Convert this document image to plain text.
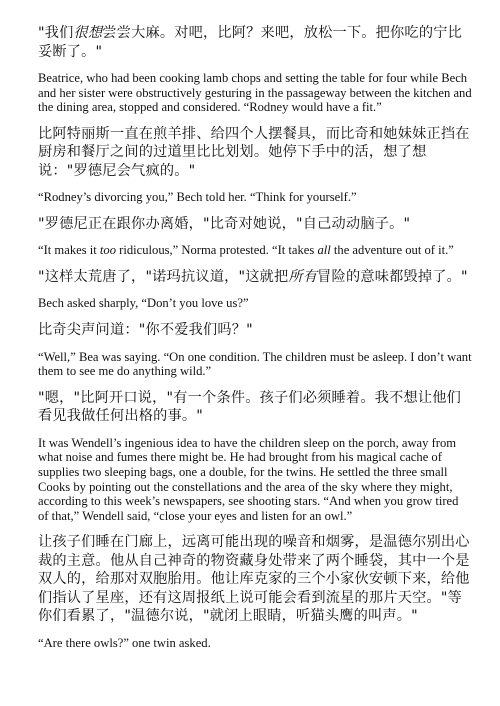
"我们很想尝尝大麻。对吧，比阿？来吧，放松一下。把你吃的宁比妥断了。"

Beatrice, who had been cooking lamb chops and setting the table for four while Bech and her sister were obstructively gesturing in the passageway between the kitchen and the dining area, stopped and considered. “Rodney would have a fit.”

比阿特丽斯一直在煎羊排、给四个人摆餐具，而比奇和她妹妹正挡在厨房和餐厅之间的过道里比比划划。她停下手中的活，想了想说："罗德尼会气疯的。"

“Rodney’s divorcing you,” Bech told her. “Think for yourself.”

"罗德尼正在跟你办离婚，"比奇对她说，"自己动动脑子。"

“It makes it too ridiculous,” Norma protested. “It takes all the adventure out of it.”

"这样太荒唐了，"诺玛抗议道，"这就把所有冒险的意味都毁掉了。"

Bech asked sharply, “Don’t you love us?”

比奇尖声问道："你不爱我们吗？"

“Well,” Bea was saying. “On one condition. The children must be asleep. I don’t want them to see me do anything wild.”

"嗯，"比阿开口说，"有一个条件。孩子们必须睡着。我不想让他们看见我做任何出格的事。"

It was Wendell’s ingenious idea to have the children sleep on the porch, away from what noise and fumes there might be. He had brought from his magical cache of supplies two sleeping bags, one a double, for the twins. He settled the three small Cooks by pointing out the constellations and the area of the sky where they might, according to this week’s newspapers, see shooting stars. “And when you grow tired of that,” Wendell said, “close your eyes and listen for an owl.”

让孩子们睡在门廊上，远离可能出现的噪音和烟雾，是温德尔别出心裁的主意。他从自己神奇的物资藏身处带来了两个睡袋，其中一个是双人的，给那对双胞胎用。他让库克家的三个小家伙安顿下来，给他们指认了星座，还有这周报纸上说可能会看到流星的那片天空。"等你们看累了，"温德尔说，"就闭上眼睛，听猫头鹰的叫声。"

“Are there owls?” one twin asked.
